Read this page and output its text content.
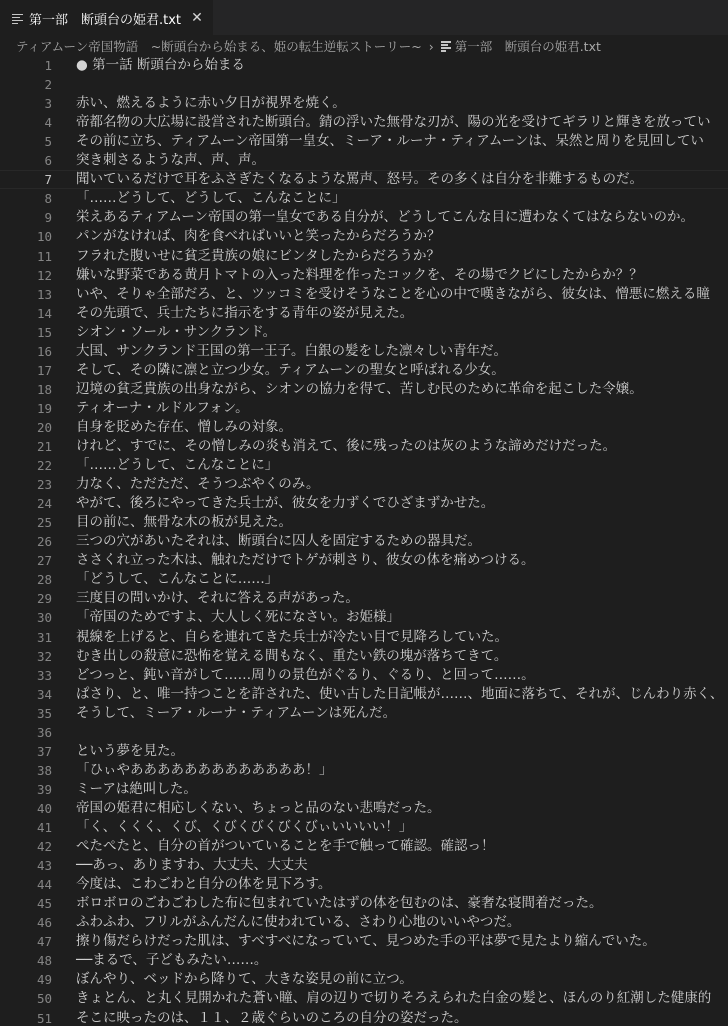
第一部　断頭台の姫君.txt ✕
ティアムーン帝国物語　~断頭台から始まる、姫の転生逆転ストーリー~ › 第一部　断頭台の姫君.txt
1 ● 第一話 断頭台から始まる
2
3 赤い、燃えるように赤い夕日が視界を焼く。
4 帝都名物の大広場に設営された断頭台。錆の浮いた無骨な刃が、陽の光を受けてギラリと輝きを放ってい
5 その前に立ち、ティアムーン帝国第一皇女、ミーア・ルーナ・ティアムーンは、呆然と周りを見回してい
6 突き刺さるような声、声、声。
7 聞いているだけで耳をふさぎたくなるような罵声、怒号。その多くは自分を非難するものだ。
8 「……どうして、どうして、こんなことに」
9 栄えあるティアムーン帝国の第一皇女である自分が、どうしてこんな目に遭わなくてはならないのか。
10 パンがなければ、肉を食べればいいと笑ったからだろうか？
11 フラれた腹いせに貧乏貴族の娘にビンタしたからだろうか？
12 嫌いな野菜である黄月トマトの入った料理を作ったコックを、その場でクビにしたからか？？
13 いや、そりゃ全部だろ、と、ツッコミを受けそうなことを心の中で嘆きながら、彼女は、憎悪に燃える瞳
14 その先頭で、兵士たちに指示をする青年の姿が見えた。
15 シオン・ソール・サンクランド。
16 大国、サンクランド王国の第一王子。白銀の髪をした凛々しい青年だ。
17 そして、その隣に凛と立つ少女。ティアムーンの聖女と呼ばれる少女。
18 辺境の貧乏貴族の出身ながら、シオンの協力を得て、苦しむ民のために革命を起こした令嬢。
19 ティオーナ・ルドルフォン。
20 自身を貶めた存在、憎しみの対象。
21 けれど、すでに、その憎しみの炎も消えて、後に残ったのは灰のような諦めだけだった。
22 「……どうして、こんなことに」
23 力なく、ただただ、そうつぶやくのみ。
24 やがて、後ろにやってきた兵士が、彼女を力ずくでひざまずかせた。
25 目の前に、無骨な木の板が見えた。
26 三つの穴があいたそれは、断頭台に囚人を固定するための器具だ。
27 ささくれ立った木は、触れただけでトゲが刺さり、彼女の体を痛めつける。
28 「どうして、こんなことに……」
29 三度目の問いかけ、それに答える声があった。
30 「帝国のためですよ、大人しく死になさい。お姫様」
31 視線を上げると、自らを連れてきた兵士が冷たい目で見降ろしていた。
32 むき出しの殺意に恐怖を覚える間もなく、重たい鉄の塊が落ちてきて。
33 どつっと、鈍い音がして……周りの景色がぐるり、ぐるり、と回って……。
34 ぱさり、と、唯一持つことを許された、使い古した日記帳が……、地面に落ちて、それが、じんわり赤く、
35 そうして、ミーア・ルーナ・ティアムーンは死んだ。
36
37 という夢を見た。
38 「ひぃやあああああああああああああ！」
39 ミーアは絶叫した。
40 帝国の姫君に相応しくない、ちょっと品のない悲鳴だった。
41 「く、くくく、くび、くびくびくびくびぃいいいい！」
42 ぺたぺたと、自分の首がついていることを手で触って確認。確認っ！
43 ──あっ、ありますわ、大丈夫、大丈夫
44 今度は、こわごわと自分の体を見下ろす。
45 ボロボロのごわごわした布に包まれていたはずの体を包むのは、豪奢な寝間着だった。
46 ふわふわ、フリルがふんだんに使われている、さわり心地のいいやつだ。
47 擦り傷だらけだった肌は、すべすべになっていて、見つめた手の平は夢で見たより縮んでいた。
48 ──まるで、子どもみたい……。
49 ぼんやり、ベッドから降りて、大きな姿見の前に立つ。
50 きょとん、と丸く見開かれた蒼い瞳、肩の辺りで切りそろえられた白金の髪と、ほんのり紅潮した健康的
51 そこに映ったのは、１１、２歳ぐらいのころの自分の姿だった。
